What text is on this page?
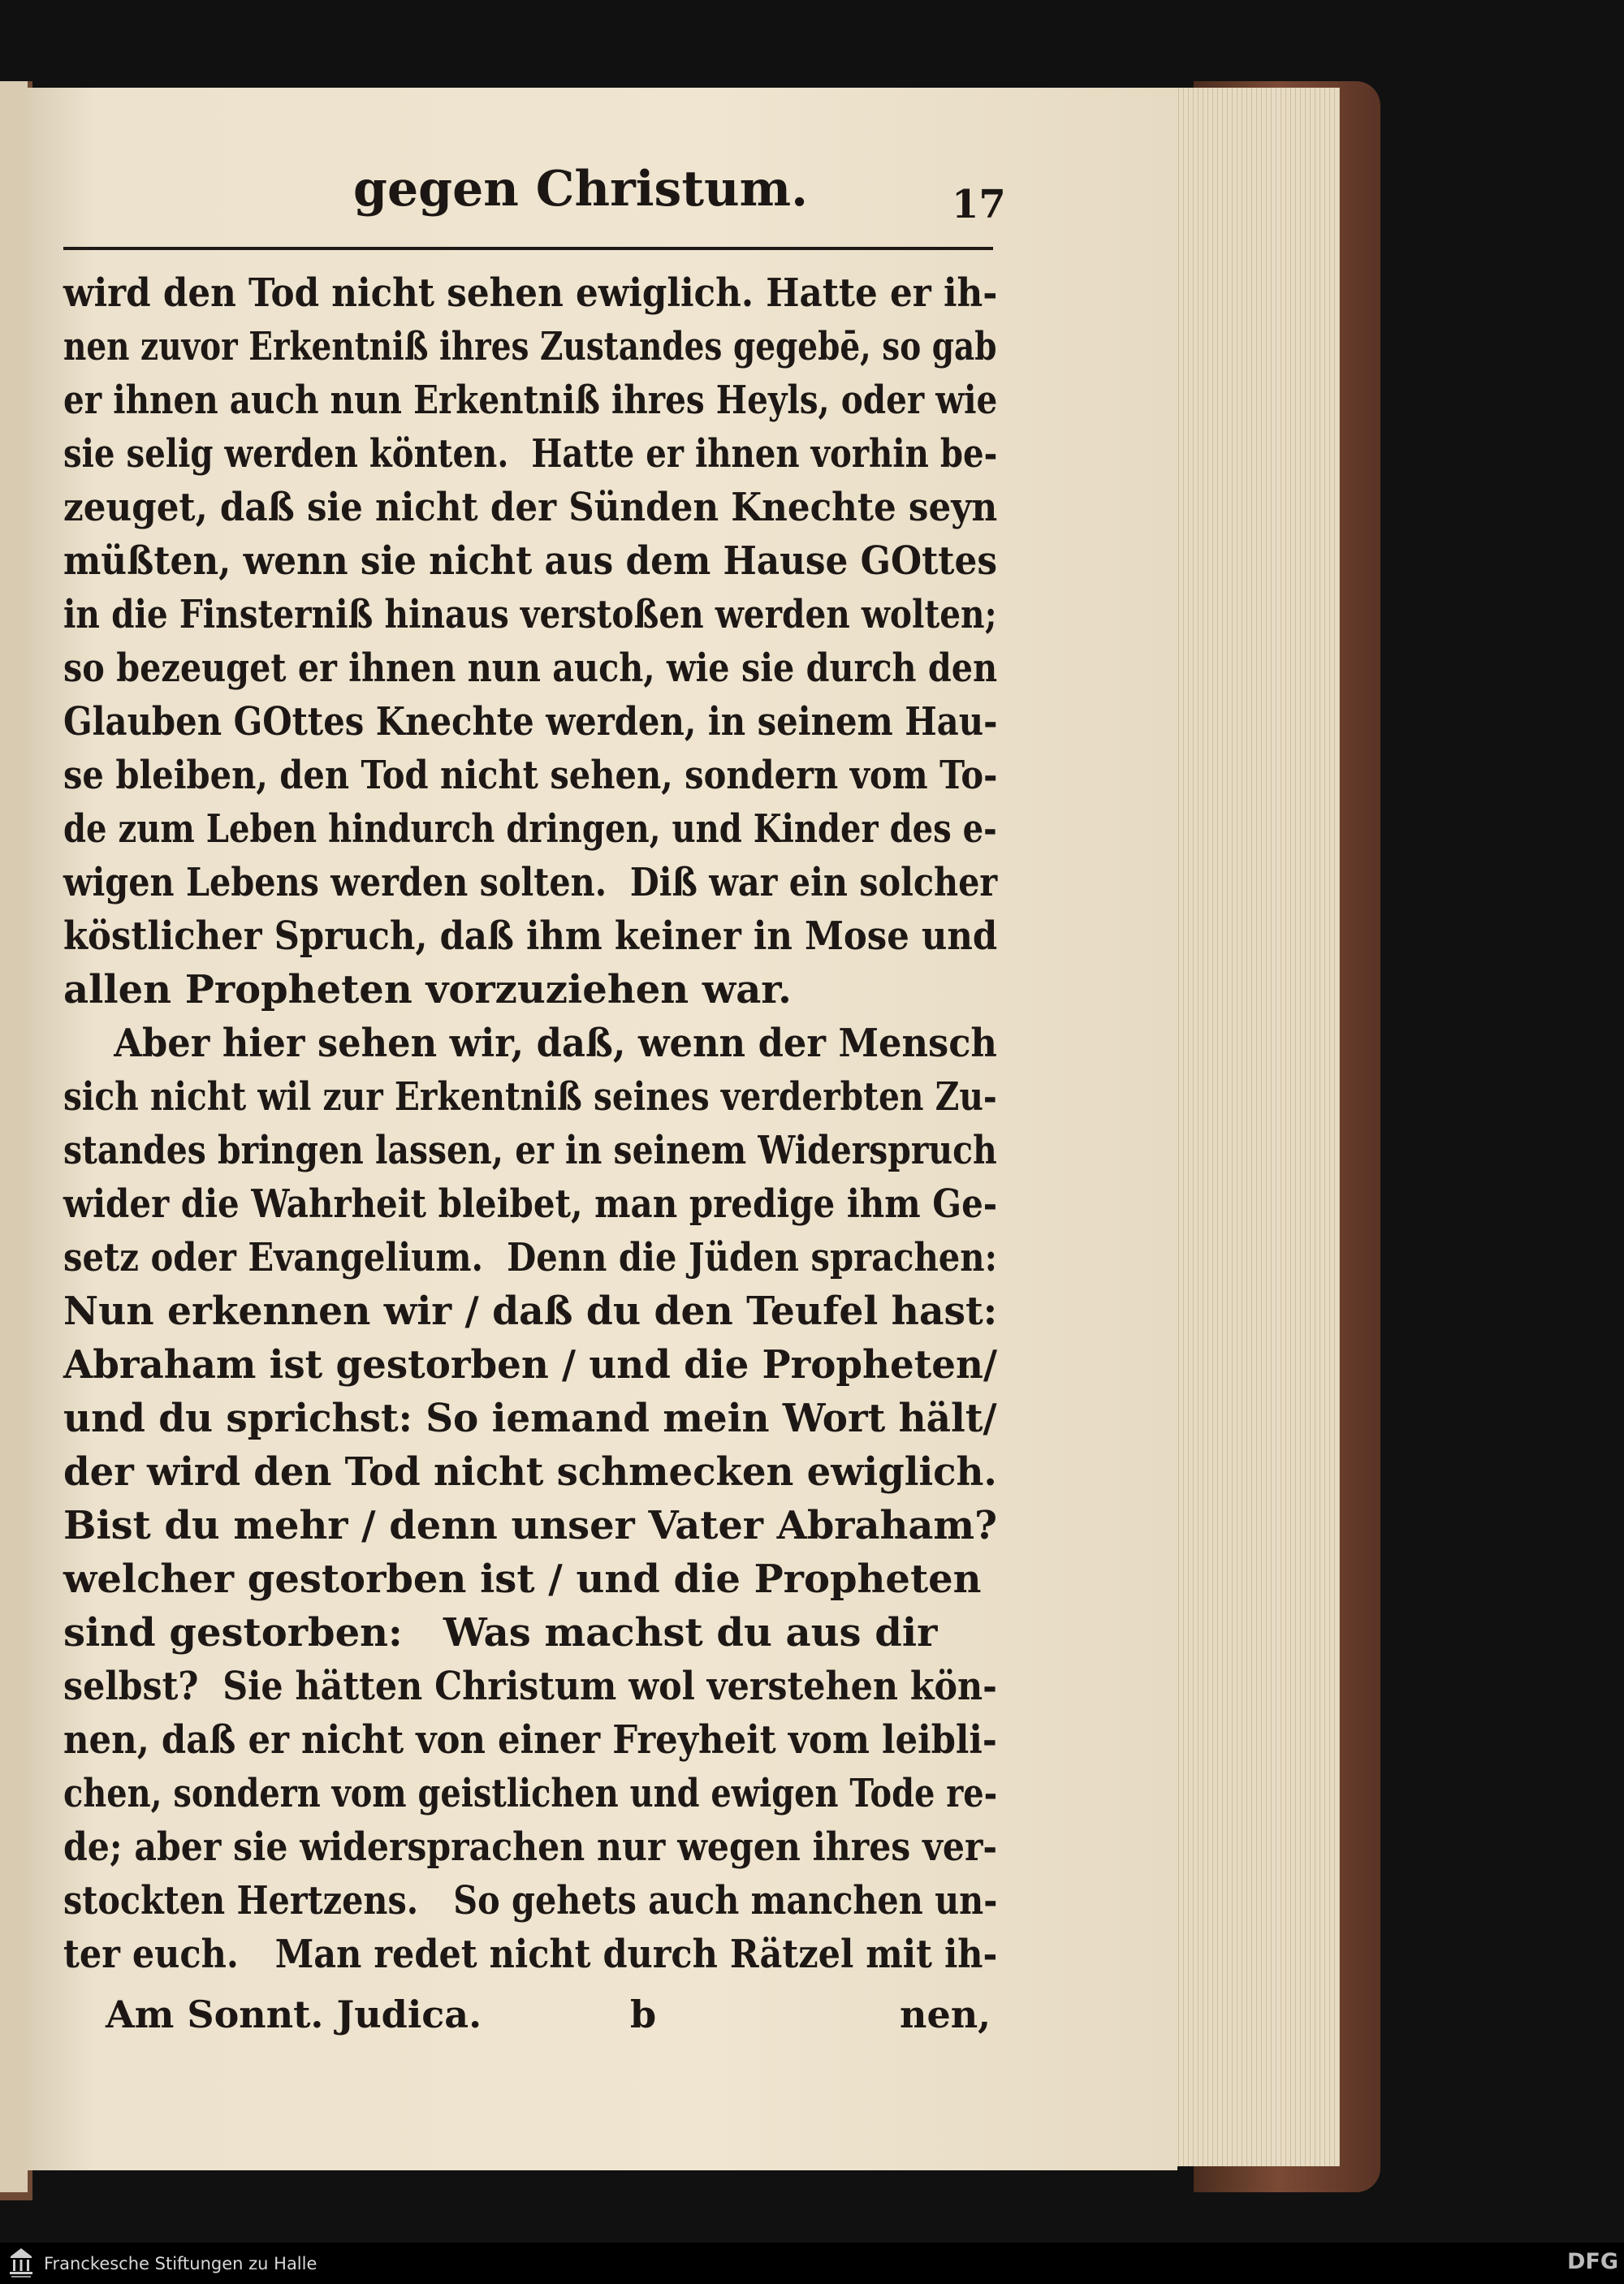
gegen Christum.	17
wird den Tod nicht sehen ewiglich. Hatte er ih-
nen zuvor Erkentniß ihres Zustandes gegebē, so gab
er ihnen auch nun Erkentniß ihres Heyls, oder wie
sie selig werden könten.  Hatte er ihnen vorhin be-
zeuget, daß sie nicht der Sünden Knechte seyn
müßten, wenn sie nicht aus dem Hause GOttes
in die Finsterniß hinaus verstoßen werden wolten;
so bezeuget er ihnen nun auch, wie sie durch den
Glauben GOttes Knechte werden, in seinem Hau-
se bleiben, den Tod nicht sehen, sondern vom To-
de zum Leben hindurch dringen, und Kinder des e-
wigen Lebens werden solten.  Diß war ein solcher
köstlicher Spruch, daß ihm keiner in Mose und
allen Propheten vorzuziehen war.
Aber hier sehen wir, daß, wenn der Mensch
sich nicht wil zur Erkentniß seines verderbten Zu-
standes bringen lassen, er in seinem Widerspruch
wider die Wahrheit bleibet, man predige ihm Ge-
setz oder Evangelium.  Denn die Jüden sprachen:
Nun erkennen wir / daß du den Teufel hast:
Abraham ist gestorben / und die Propheten/
und du sprichst: So iemand mein Wort hält/
der wird den Tod nicht schmecken ewiglich.
Bist du mehr / denn unser Vater Abraham?
welcher gestorben ist / und die Propheten
sind gestorben:   Was machst du aus dir
selbst?  Sie hätten Christum wol verstehen kön-
nen, daß er nicht von einer Freyheit vom leibli-
chen, sondern vom geistlichen und ewigen Tode re-
de; aber sie widersprachen nur wegen ihres ver-
stockten Hertzens.   So gehets auch manchen un-
ter euch.   Man redet nicht durch Rätzel mit ih-
Am Sonnt. Judica.	b	nen,
Franckesche Stiftungen zu Halle	DFG
